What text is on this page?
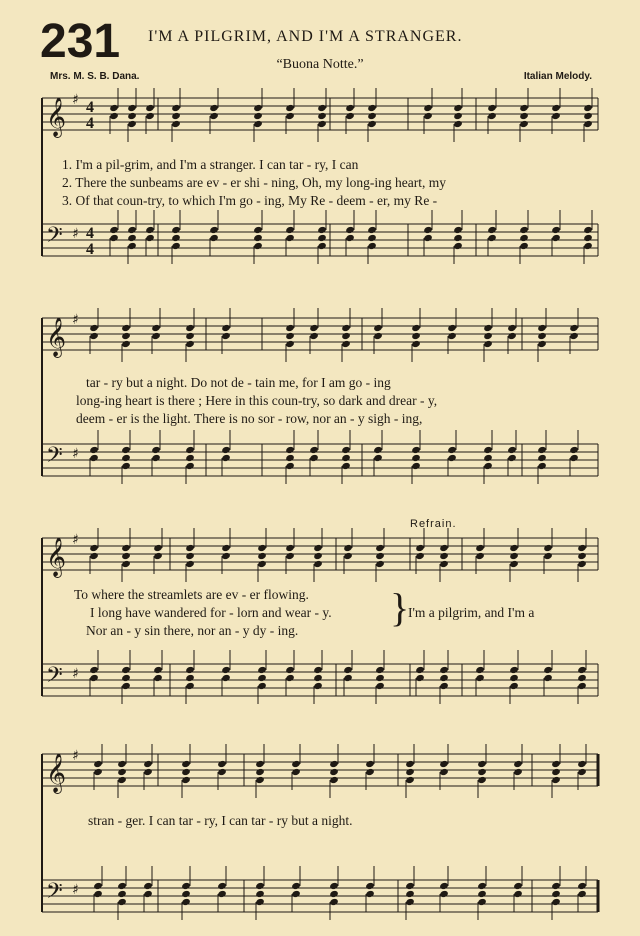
231 I'M A PILGRIM, AND I'M A STRANGER.
“Buona Notte.”
Mrs. M. S. B. Dana.	Italian Melody.
Refrain.
𝄞 ♯ 4
4
𝄢 ♯ 4
4
1. I'm a pil-grim, and I'm a stranger. I can tar - ry, I can
2. There the sunbeams are ev - er shi - ning, Oh, my long-ing heart, my
3. Of that coun-try, to which I'm go - ing, My Re - deem - er, my Re -
𝄞 ♯
𝄢 ♯
tar - ry but a night. Do not de - tain me, for I am go - ing
long-ing heart is there ; Here in this coun-try, so dark and drear - y,
deem - er is the light. There is no sor - row, nor an - y sigh - ing,
𝄞 ♯
𝄢 ♯
To where the streamlets are ev - er flowing.
I long have wandered for - lorn and wear - y.
Nor an - y sin there, nor an - y dy - ing.
}
I'm a pilgrim, and I'm a
𝄞 ♯
𝄢 ♯
stran - ger. I can tar - ry, I can tar - ry but a night.
